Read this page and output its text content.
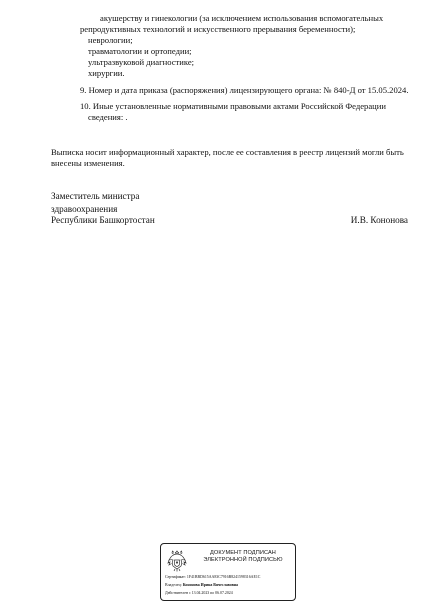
акушерству и гинекологии (за исключением использования вспомогательных
репродуктивных технологий и искусственного прерывания беременности);
неврологии;
травматологии и ортопедии;
ультразвуковой диагностике;
хирургии.
9. Номер и дата приказа (распоряжения) лицензирующего органа: № 840-Д от 15.05.2024.
10. Иные установленные нормативными правовыми актами Российской Федерации
сведения: .
Выписка носит информационный характер, после ее составления в реестр лицензий могли быть
внесены изменения.
Заместитель министра
здравоохранения
Республики Башкортостан	И.В. Кононова
ДОКУМЕНТ ПОДПИСАН
ЭЛЕКТРОННОЙ ПОДПИСЬЮ
Сертификат: 1F41BBD615AA83C7916B8241598316AE1C
Владелец: Кононова Ирина Вячеславовна
Действителен с 13.04.2023 по 06.07.2024
